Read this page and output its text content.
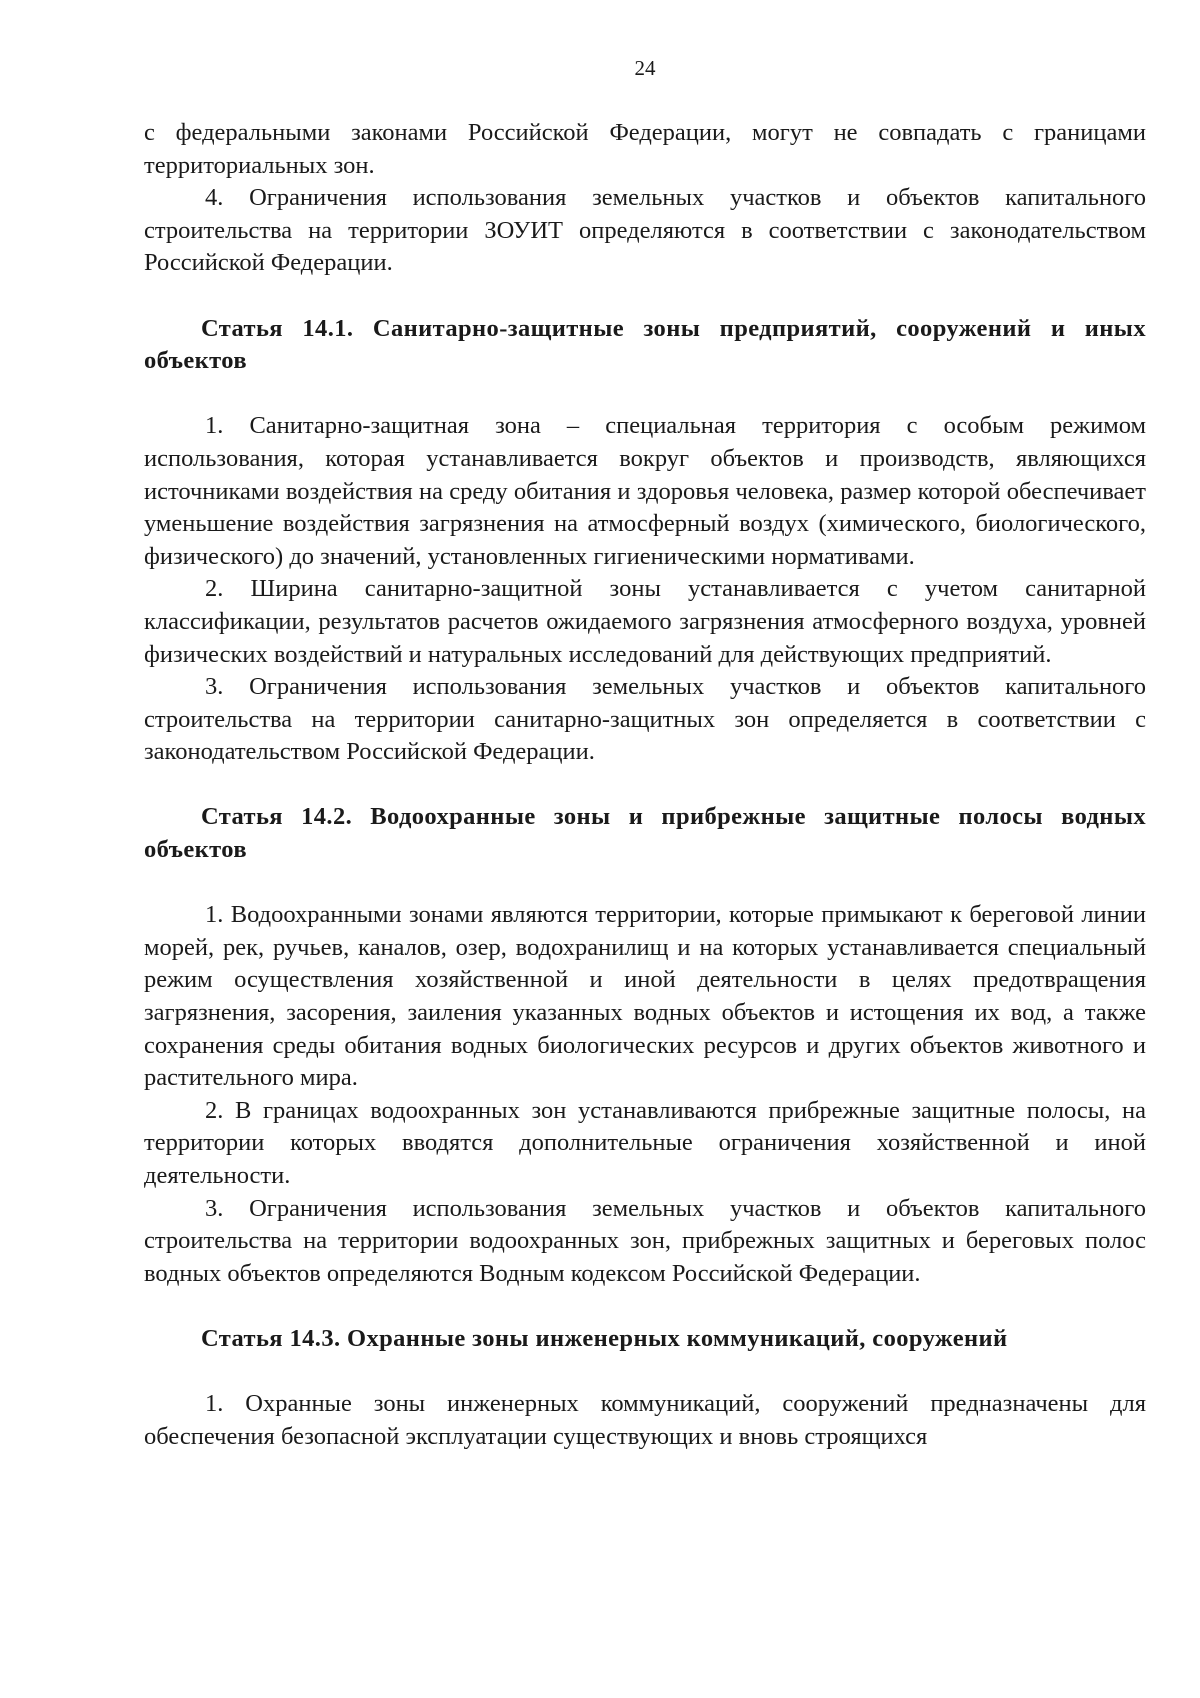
24

с федеральными законами Российской Федерации, могут не совпадать с границами территориальных зон.

4. Ограничения использования земельных участков и объектов капитального строительства на территории ЗОУИТ определяются в соответствии с законодательством Российской Федерации.

Статья 14.1. Санитарно-защитные зоны предприятий, сооружений и иных объектов

1. Санитарно-защитная зона – специальная территория с особым режимом использования, которая устанавливается вокруг объектов и производств, являющихся источниками воздействия на среду обитания и здоровья человека, размер которой обеспечивает уменьшение воздействия загрязнения на атмосферный воздух (химического, биологического, физического) до значений, установленных гигиеническими нормативами.

2. Ширина санитарно-защитной зоны устанавливается с учетом санитарной классификации, результатов расчетов ожидаемого загрязнения атмосферного воздуха, уровней физических воздействий и натуральных исследований для действующих предприятий.

3. Ограничения использования земельных участков и объектов капитального строительства на территории санитарно-защитных зон определяется в соответствии с законодательством Российской Федерации.

Статья 14.2. Водоохранные зоны и прибрежные защитные полосы водных объектов

1. Водоохранными зонами являются территории, которые примыкают к береговой линии морей, рек, ручьев, каналов, озер, водохранилищ и на которых устанавливается специальный режим осуществления хозяйственной и иной деятельности в целях предотвращения загрязнения, засорения, заиления указанных водных объектов и истощения их вод, а также сохранения среды обитания водных биологических ресурсов и других объектов животного и растительного мира.

2. В границах водоохранных зон устанавливаются прибрежные защитные полосы, на территории которых вводятся дополнительные ограничения хозяйственной и иной деятельности.

3. Ограничения использования земельных участков и объектов капитального строительства на территории водоохранных зон, прибрежных защитных и береговых полос водных объектов определяются Водным кодексом Российской Федерации.

Статья 14.3. Охранные зоны инженерных коммуникаций, сооружений

1. Охранные зоны инженерных коммуникаций, сооружений предназначены для обеспечения безопасной эксплуатации существующих и вновь строящихся
